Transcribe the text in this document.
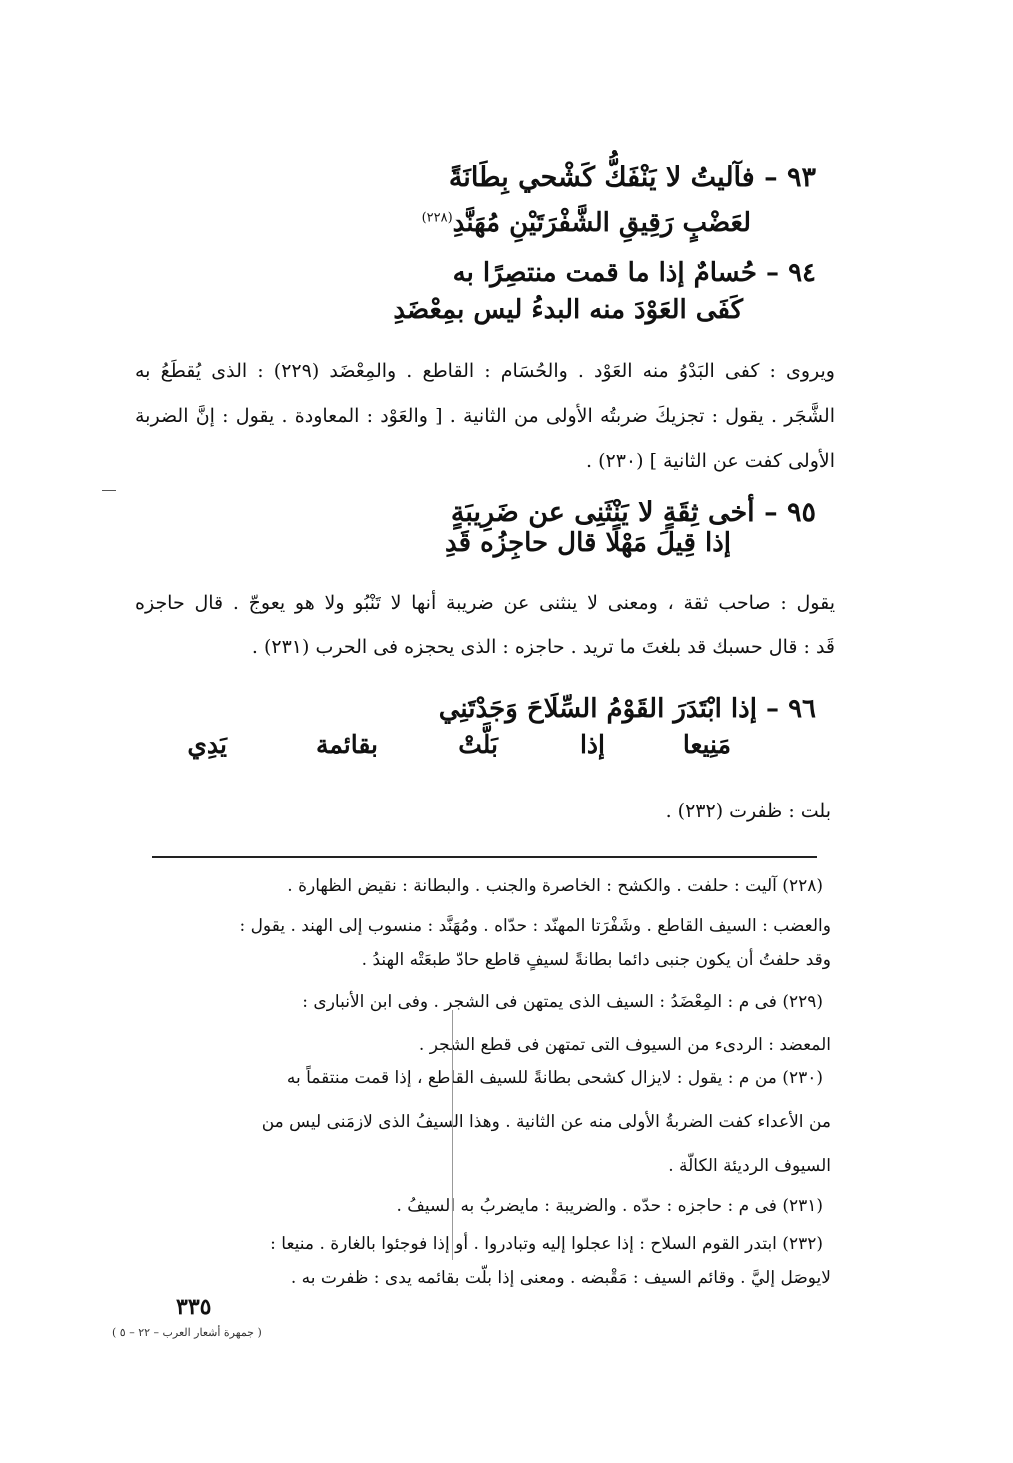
٩٣ – فآليتُ لا يَنْفَكُّ كَشْحي بِطَانَةً
لعَضْبٍ رَقِيقِ الشَّفْرَتَيْنِ مُهَنَّدِ$^{(٢٢٨)}$
٩٤ – حُسامٌ إذا ما قمت منتصِرًا به
كَفَى العَوْدَ منه البدءُ ليس بمِعْضَدِ
ويروى : كفى البَدْوُ منه العَوْد . والحُسَام : القاطع . والمِعْضَد (٢٢٩) : الذى يُقطَعُ به
الشَّجَر . يقول : تجزيكَ ضربتُه الأولى من الثانية . [ والعَوْد : المعاودة . يقول : إنَّ الضربة
الأولى كفت عن الثانية ] (٢٣٠) .
٩٥ – أخى ثِقَةٍ لا يَنْثَنِى عن ضَرِيبَةٍ
إذا قِيلَ مَهْلًا قال حاجِزُه قَدِ
يقول : صاحب ثقة ، ومعنى لا ينثنى عن ضريبة أنها لا تَنْبُو ولا هو يعوجّ . قال حاجزه
قَد : قال حسبك قد بلغتَ ما تريد . حاجزه : الذى يحجزه فى الحرب (٢٣١) .
٩٦ – إذا ابْتَدَرَ القَوْمُ السِّلَاحَ وَجَدْتَنِي
مَنِيعا
إذا
بَلَّتْ
بقائمة
يَدِي
بلت : ظفرت (٢٣٢) .
(٢٢٨) آليت : حلفت . والكشح : الخاصرة والجنب . والبطانة : نقيض الظهارة .
والعضب : السيف القاطع . وشَفْرَتا المهنّد : حدّاه . ومُهَنَّد : منسوب إلى الهند . يقول :
وقد حلفتُ أن يكون جنبى دائما بطانةً لسيفٍ قاطع حادّ طبعَتْه الهندُ .
(٢٢٩) فى م : المِعْضَدُ : السيف الذى يمتهن فى الشجر . وفى ابن الأنبارى :
المعضد : الردىء من السيوف التى تمتهن فى قطع الشجر .
(٢٣٠) من م : يقول : لايزال كشحى بطانةً للسيف القاطع ، إذا قمت منتقماً به
من الأعداء كفت الضربةُ الأولى منه عن الثانية . وهذا السيفُ الذى لازمَنى ليس من
السيوف الرديئة الكالّة .
(٢٣١) فى م : حاجزه : حدّه . والضريبة : مايضربُ به السيفُ .
(٢٣٢) ابتدر القوم السلاح : إذا عجلوا إليه وتبادروا . أو إذا فوجئوا بالغارة . منيعا :
لايوصَل إليَّ . وقائم السيف : مَقْبضه . ومعنى إذا بلّت بقائمه يدى : ظفرت به .
٣٣٥
( جمهرة أشعار العرب – ٢٢ – ٥ )
